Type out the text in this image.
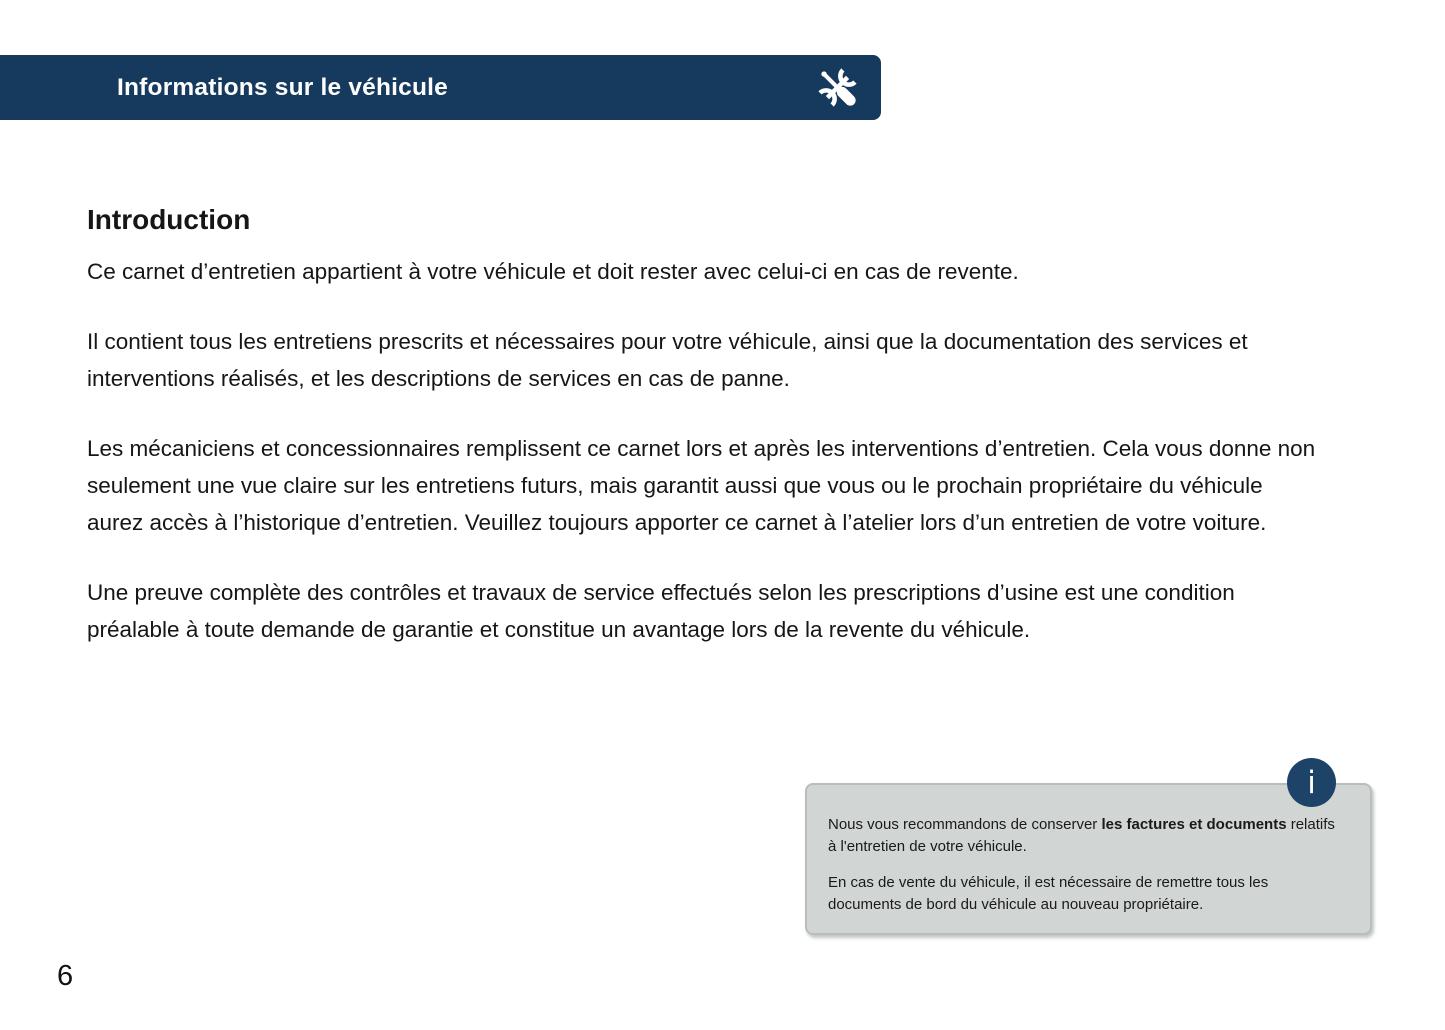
Informations sur le véhicule
Introduction

Ce carnet d’entretien appartient à votre véhicule et doit rester avec celui-ci en cas de revente.

Il contient tous les entretiens prescrits et nécessaires pour votre véhicule, ainsi que la documentation des services et interventions réalisés, et les descriptions de services en cas de panne.

Les mécaniciens et concessionnaires remplissent ce carnet lors et après les interventions d’entretien. Cela vous donne non seulement une vue claire sur les entretiens futurs, mais garantit aussi que vous ou le prochain propriétaire du véhicule aurez accès à l’historique d’entretien. Veuillez toujours apporter ce carnet à l’atelier lors d’un entretien de votre voiture.

Une preuve complète des contrôles et travaux de service effectués selon les prescriptions d’usine est une condition préalable à toute demande de garantie et constitue un avantage lors de la revente du véhicule.

Nous vous recommandons de conserver les factures et documents relatifs à l'entretien de votre véhicule.

En cas de vente du véhicule, il est nécessaire de remettre tous les documents de bord du véhicule au nouveau propriétaire.

i
6
